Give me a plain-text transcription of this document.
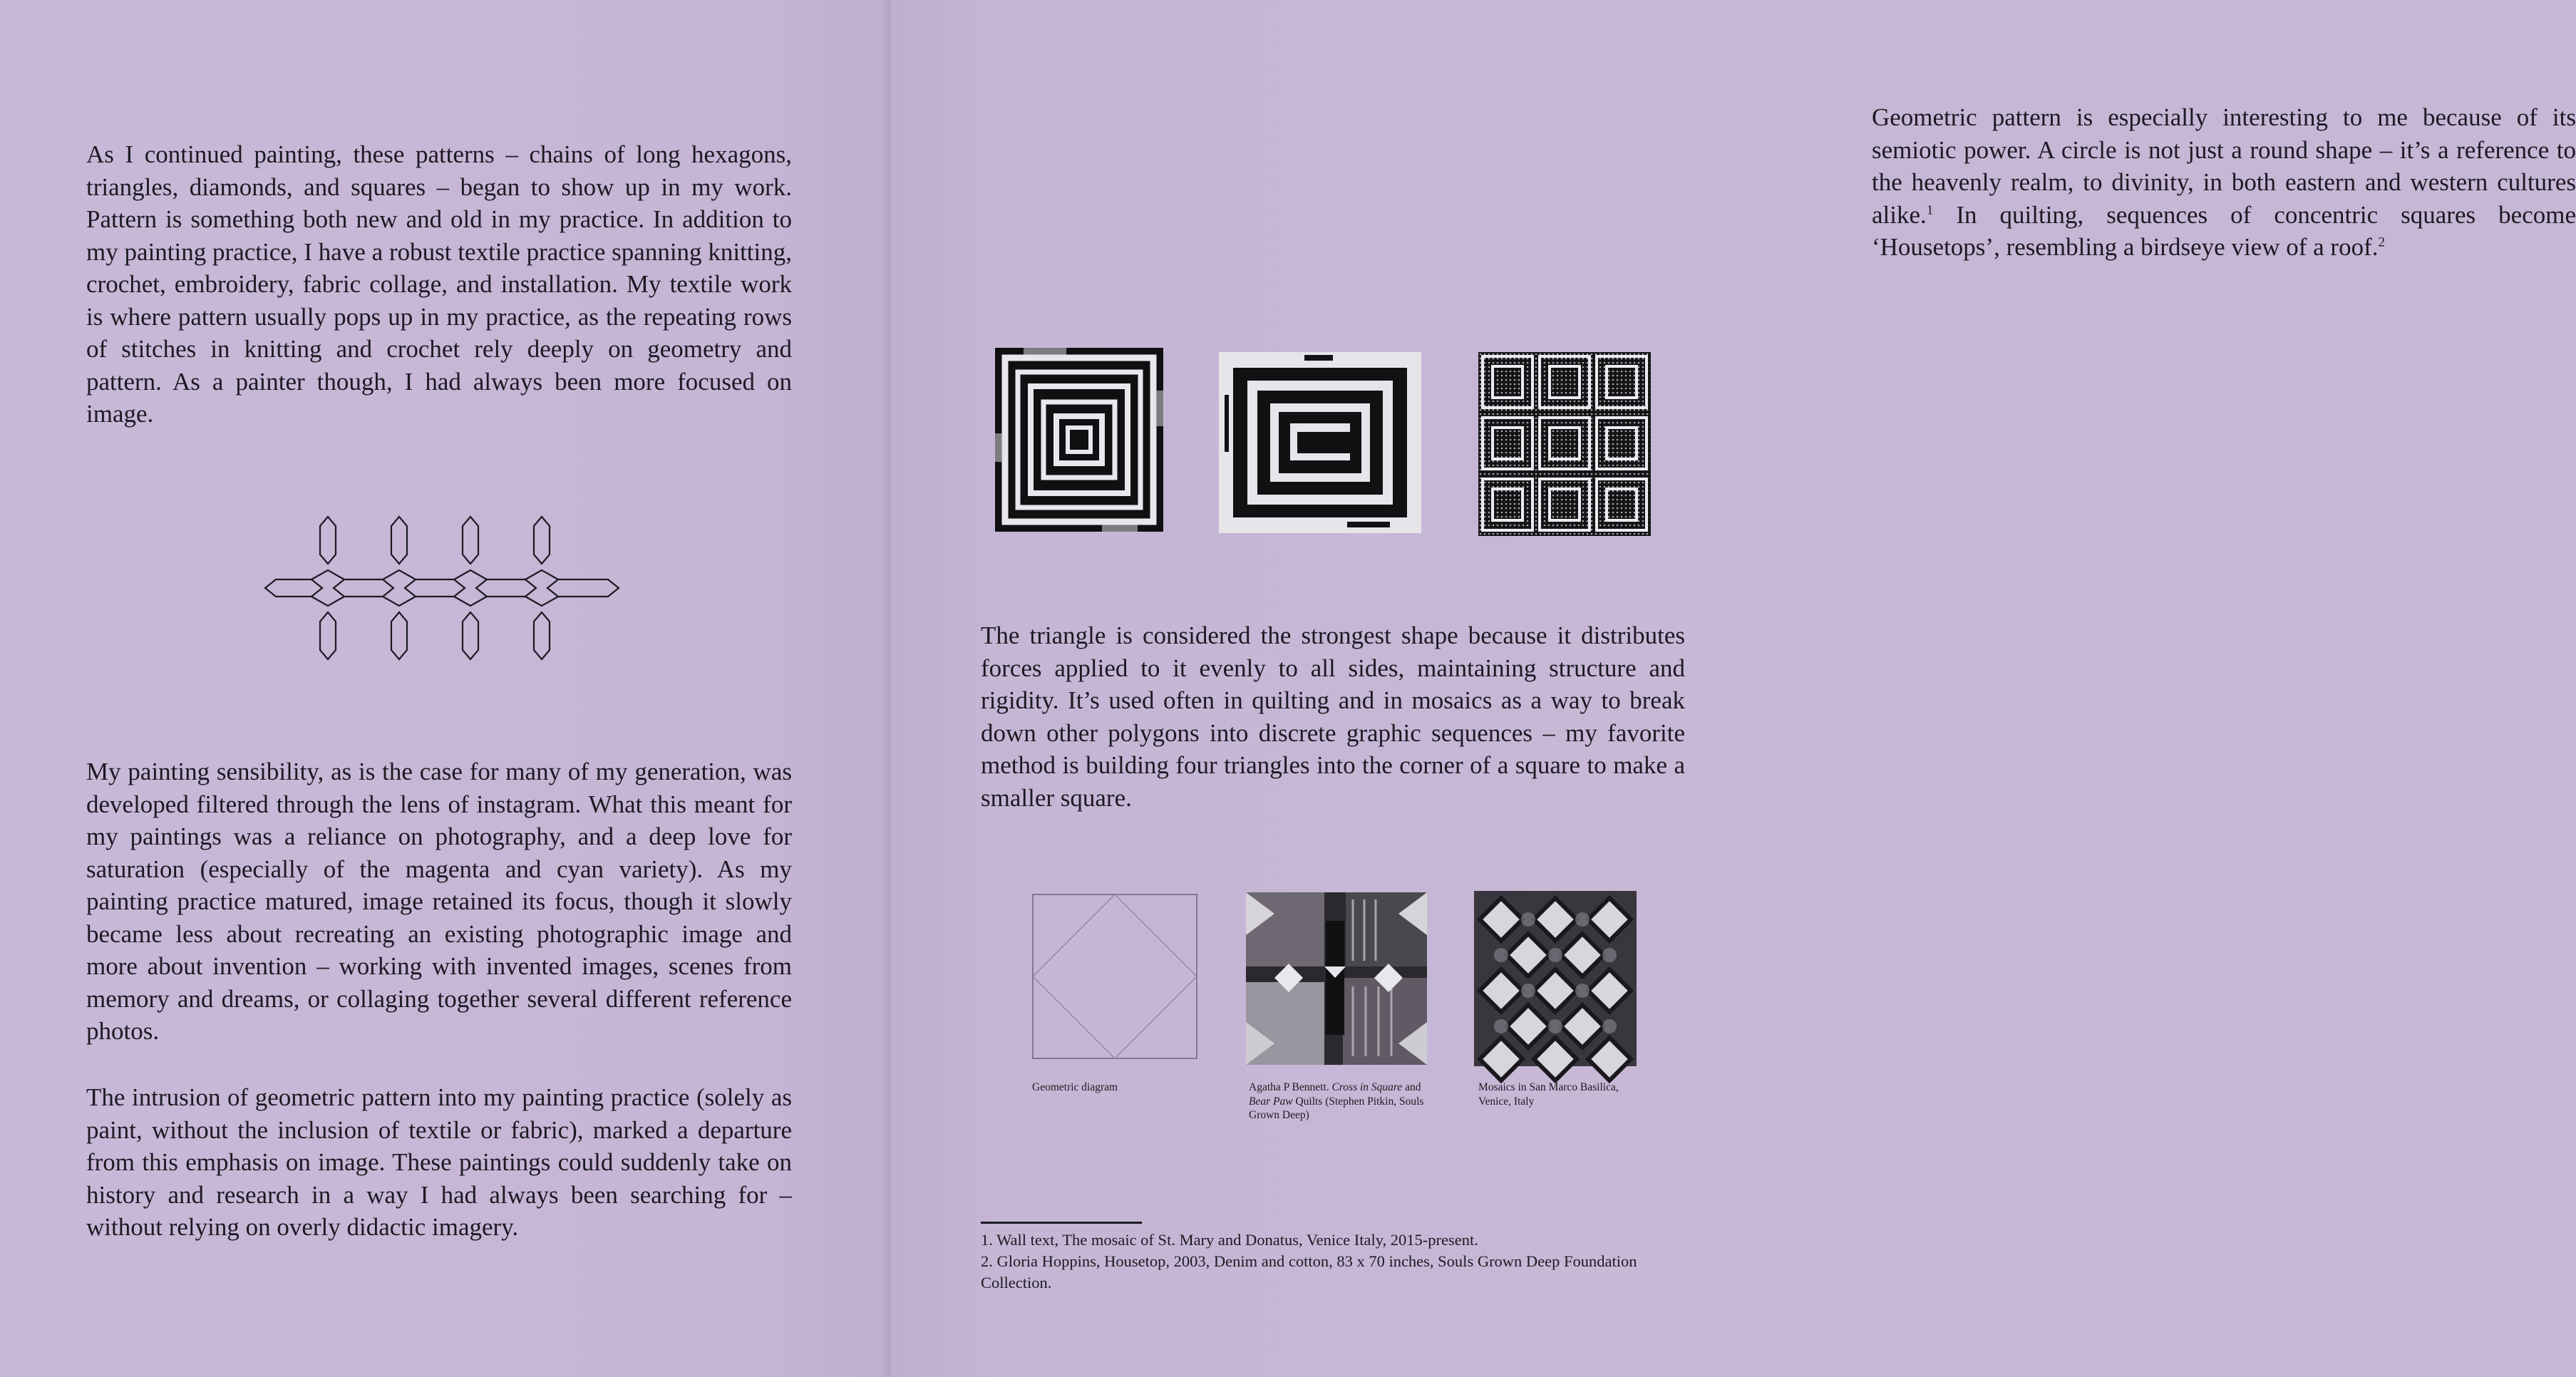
As I continued painting, these patterns – chains of long hexagons, triangles, diamonds, and squares – began to show up in my work. Pattern is something both new and old in my practice. In addition to my painting practice, I have a robust textile practice spanning knitting, crochet, embroidery, fabric collage, and installation. My textile work is where pattern usually pops up in my practice, as the repeating rows of stitches in knitting and crochet rely deeply on geometry and pattern. As a painter though, I had always been more focused on image.

My painting sensibility, as is the case for many of my generation, was developed filtered through the lens of instagram. What this meant for my paintings was a reliance on photography, and a deep love for saturation (especially of the magenta and cyan variety). As my painting practice matured, image retained its focus, though it slowly became less about recreating an existing photographic image and more about invention – working with invented images, scenes from memory and dreams, or collaging together several different reference photos.

The intrusion of geometric pattern into my painting practice (solely as paint, without the inclusion of textile or fabric), marked a departure from this emphasis on image. These paintings could suddenly take on history and research in a way I had always been searching for – without relying on overly didactic imagery.

Geometric pattern is especially interesting to me because of its semiotic power. A circle is not just a round shape – it’s a reference to the heavenly realm, to divinity, in both eastern and western cultures alike.$^1$ In quilting, sequences of concentric squares become ‘Housetops’, resembling a birdseye view of a roof.$^2$

The triangle is considered the strongest shape because it distributes forces applied to it evenly to all sides, maintaining structure and rigidity. It’s used often in quilting and in mosaics as a way to break down other polygons into discrete graphic sequences – my favorite method is building four triangles into the corner of a square to make a smaller square.

Geometric diagram	Agatha P Bennett. Cross in Square and Bear Paw Quilts (Stephen Pitkin, Souls Grown Deep)

Mosaics in San Marco Basilica, Venice, Italy

1. Wall text, The mosaic of St. Mary and Donatus, Venice Italy, 2015-present.

2. Gloria Hoppins, Housetop, 2003, Denim and cotton, 83 x 70 inches, Souls Grown Deep Foundation Collection.
